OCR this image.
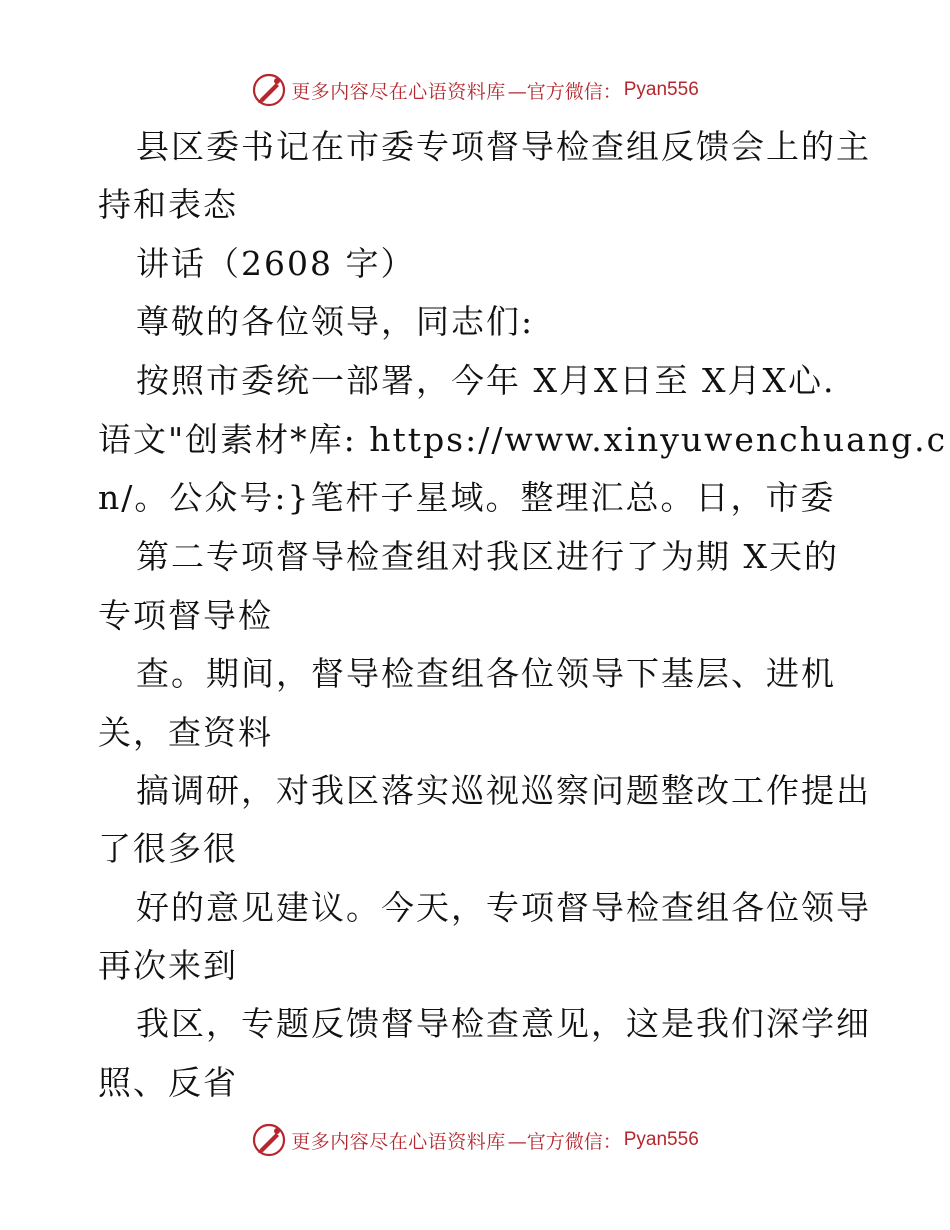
更多内容尽在心语资料库 —官方微信： Pyan556
县区委书记在市委专项督导检查组反馈会上的主
持和表态
讲话（2608 字）
尊敬的各位领导，同志们:
按照市委统一部署，今年 X月X日至 X月X心.
语文"创素材*库: https://www.xinyuwenchuang.c
n/。公众号:}笔杆子星域。整理汇总。日，市委
第二专项督导检查组对我区进行了为期 X天的
专项督导检
查。期间，督导检查组各位领导下基层、进机
关，查资料
搞调研，对我区落实巡视巡察问题整改工作提出
了很多很
好的意见建议。今天，专项督导检查组各位领导
再次来到
我区，专题反馈督导检查意见，这是我们深学细
照、反省
更多内容尽在心语资料库 —官方微信： Pyan556
